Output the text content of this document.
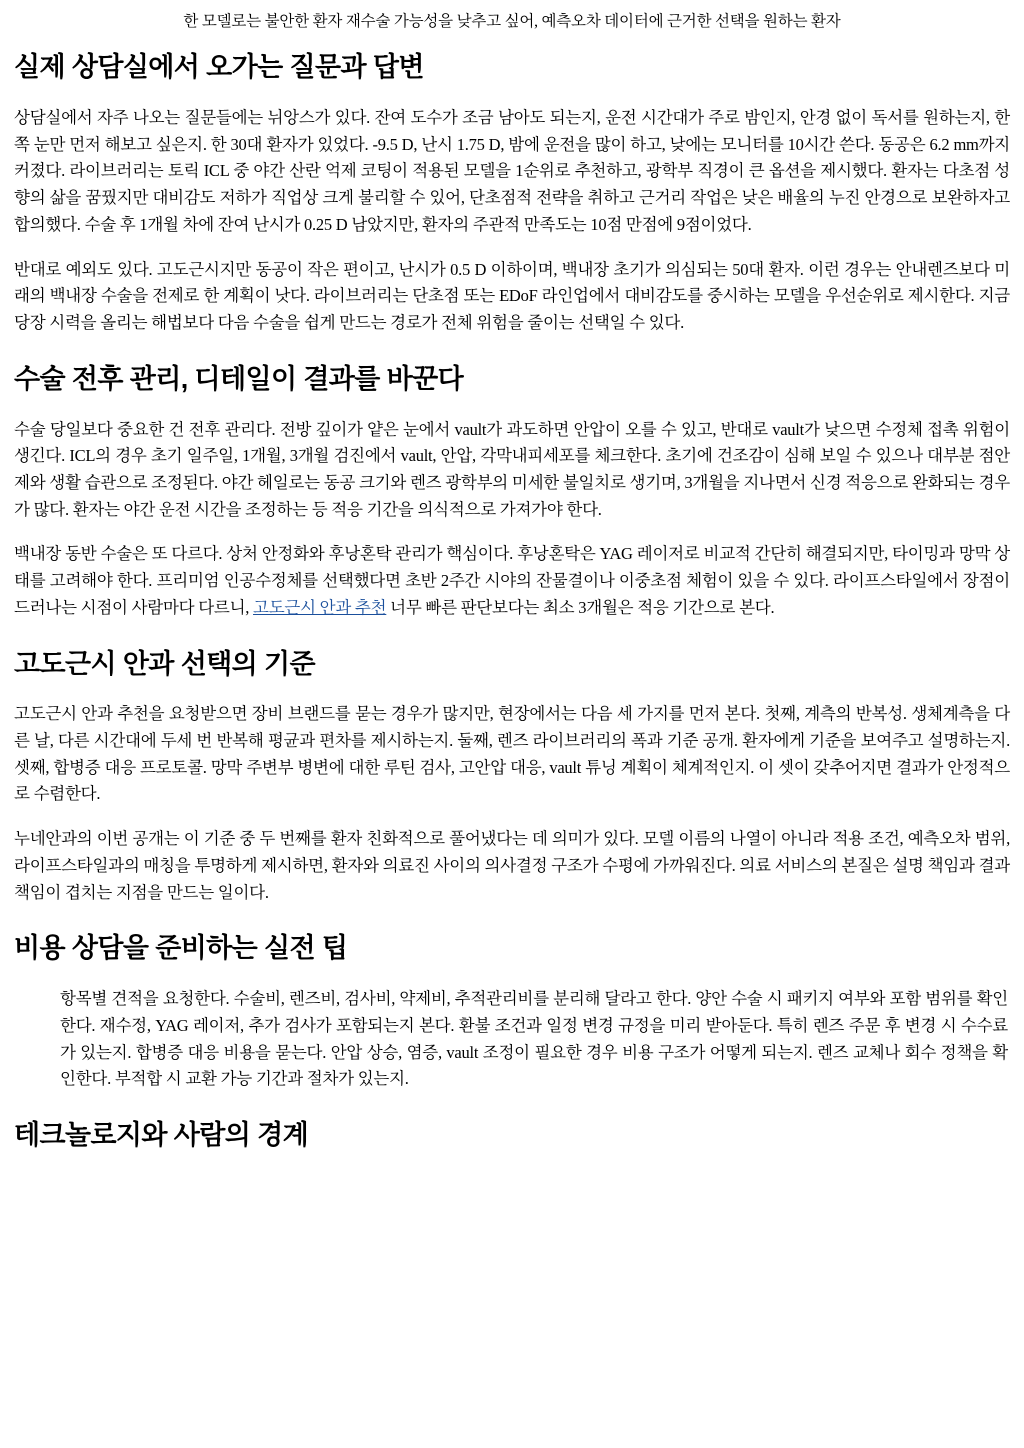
한 모델로는 불안한 환자 재수술 가능성을 낮추고 싶어, 예측오차 데이터에 근거한 선택을 원하는 환자
실제 상담실에서 오가는 질문과 답변

상담실에서 자주 나오는 질문들에는 뉘앙스가 있다. 잔여 도수가 조금 남아도 되는지, 운전 시간대가 주로 밤인지, 안경 없이 독서를 원하는지, 한쪽 눈만 먼저 해보고 싶은지. 한 30대 환자가 있었다. -9.5 D, 난시 1.75 D, 밤에 운전을 많이 하고, 낮에는 모니터를 10시간 쓴다. 동공은 6.2 mm까지 커졌다. 라이브러리는 토릭 ICL 중 야간 산란 억제 코팅이 적용된 모델을 1순위로 추천하고, 광학부 직경이 큰 옵션을 제시했다. 환자는 다초점 성향의 삶을 꿈꿨지만 대비감도 저하가 직업상 크게 불리할 수 있어, 단초점적 전략을 취하고 근거리 작업은 낮은 배율의 누진 안경으로 보완하자고 합의했다. 수술 후 1개월 차에 잔여 난시가 0.25 D 남았지만, 환자의 주관적 만족도는 10점 만점에 9점이었다.

반대로 예외도 있다. 고도근시지만 동공이 작은 편이고, 난시가 0.5 D 이하이며, 백내장 초기가 의심되는 50대 환자. 이런 경우는 안내렌즈보다 미래의 백내장 수술을 전제로 한 계획이 낫다. 라이브러리는 단초점 또는 EDoF 라인업에서 대비감도를 중시하는 모델을 우선순위로 제시한다. 지금 당장 시력을 올리는 해법보다 다음 수술을 쉽게 만드는 경로가 전체 위험을 줄이는 선택일 수 있다.

수술 전후 관리, 디테일이 결과를 바꾼다

수술 당일보다 중요한 건 전후 관리다. 전방 깊이가 얕은 눈에서 vault가 과도하면 안압이 오를 수 있고, 반대로 vault가 낮으면 수정체 접촉 위험이 생긴다. ICL의 경우 초기 일주일, 1개월, 3개월 검진에서 vault, 안압, 각막내피세포를 체크한다. 초기에 건조감이 심해 보일 수 있으나 대부분 점안제와 생활 습관으로 조정된다. 야간 헤일로는 동공 크기와 렌즈 광학부의 미세한 불일치로 생기며, 3개월을 지나면서 신경 적응으로 완화되는 경우가 많다. 환자는 야간 운전 시간을 조정하는 등 적응 기간을 의식적으로 가져가야 한다.

백내장 동반 수술은 또 다르다. 상처 안정화와 후낭혼탁 관리가 핵심이다. 후낭혼탁은 YAG 레이저로 비교적 간단히 해결되지만, 타이밍과 망막 상태를 고려해야 한다. 프리미엄 인공수정체를 선택했다면 초반 2주간 시야의 잔물결이나 이중초점 체험이 있을 수 있다. 라이프스타일에서 장점이 드러나는 시점이 사람마다 다르니, 고도근시 안과 추천 너무 빠른 판단보다는 최소 3개월은 적응 기간으로 본다.

고도근시 안과 선택의 기준

고도근시 안과 추천을 요청받으면 장비 브랜드를 묻는 경우가 많지만, 현장에서는 다음 세 가지를 먼저 본다. 첫째, 계측의 반복성. 생체계측을 다른 날, 다른 시간대에 두세 번 반복해 평균과 편차를 제시하는지. 둘째, 렌즈 라이브러리의 폭과 기준 공개. 환자에게 기준을 보여주고 설명하는지. 셋째, 합병증 대응 프로토콜. 망막 주변부 병변에 대한 루틴 검사, 고안압 대응, vault 튜닝 계획이 체계적인지. 이 셋이 갖추어지면 결과가 안정적으로 수렴한다.

누네안과의 이번 공개는 이 기준 중 두 번째를 환자 친화적으로 풀어냈다는 데 의미가 있다. 모델 이름의 나열이 아니라 적용 조건, 예측오차 범위, 라이프스타일과의 매칭을 투명하게 제시하면, 환자와 의료진 사이의 의사결정 구조가 수평에 가까워진다. 의료 서비스의 본질은 설명 책임과 결과 책임이 겹치는 지점을 만드는 일이다.

비용 상담을 준비하는 실전 팁

항목별 견적을 요청한다. 수술비, 렌즈비, 검사비, 약제비, 추적관리비를 분리해 달라고 한다. 양안 수술 시 패키지 여부와 포함 범위를 확인한다. 재수정, YAG 레이저, 추가 검사가 포함되는지 본다. 환불 조건과 일정 변경 규정을 미리 받아둔다. 특히 렌즈 주문 후 변경 시 수수료가 있는지. 합병증 대응 비용을 묻는다. 안압 상승, 염증, vault 조정이 필요한 경우 비용 구조가 어떻게 되는지. 렌즈 교체나 회수 정책을 확인한다. 부적합 시 교환 가능 기간과 절차가 있는지.

테크놀로지와 사람의 경계
